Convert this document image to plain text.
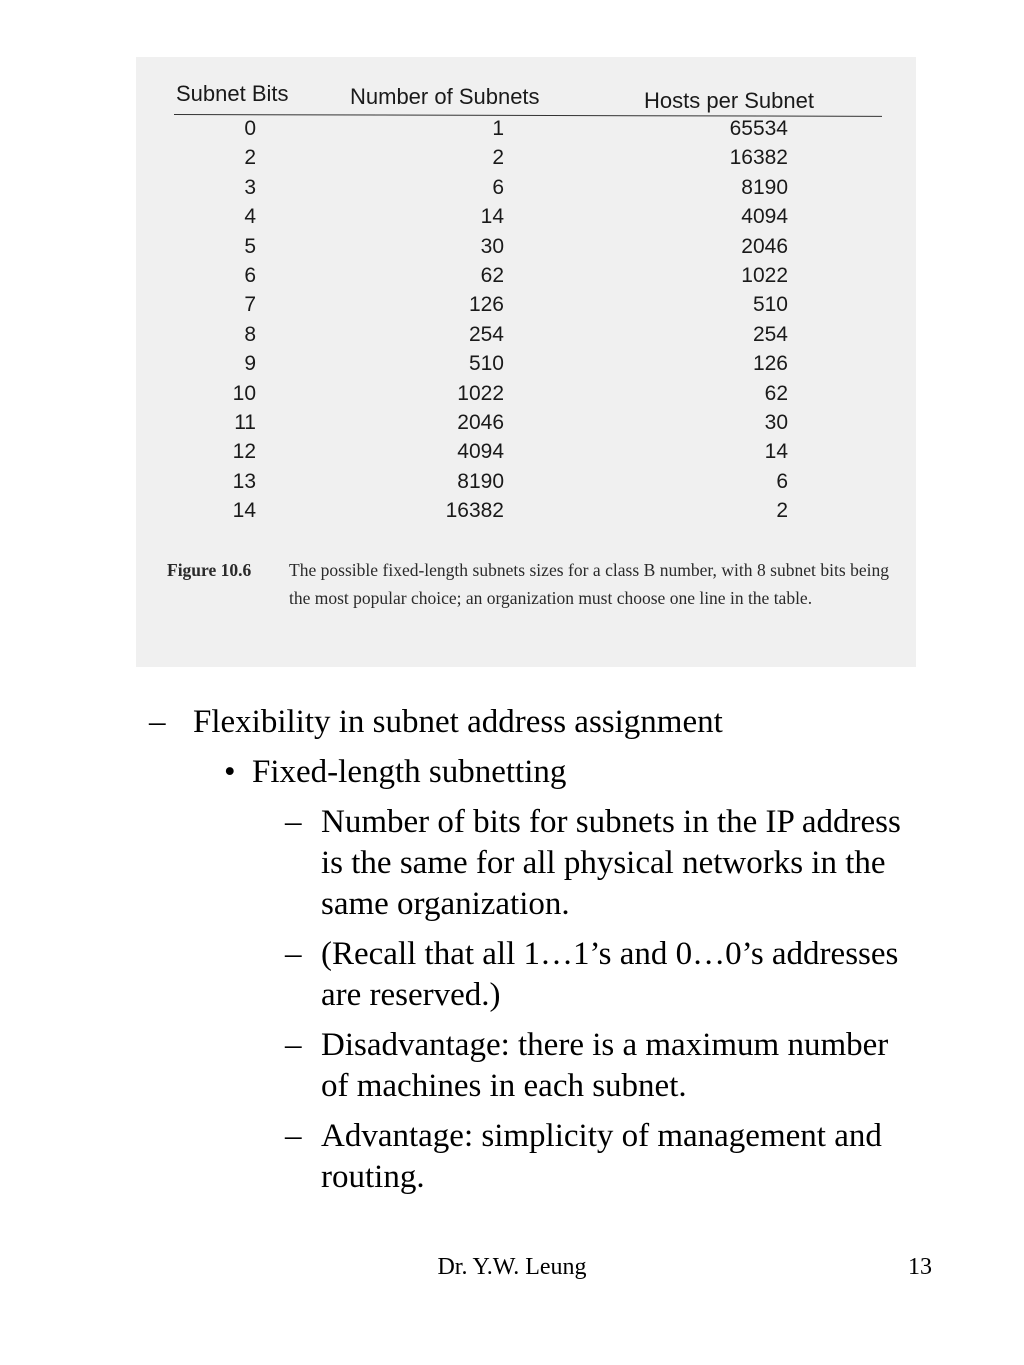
Subnet Bits	Number of Subnets	Hosts per Subnet
0	1	65534
2	2	16382
3	6	8190
4	14	4094
5	30	2046
6	62	1022
7	126	510
8	254	254
9	510	126
10	1022	62
11	2046	30
12	4094	14
13	8190	6
14	16382	2
Figure 10.6 The possible fixed-length subnets sizes for a class B number, with 8 subnet bits being the most popular choice; an organization must choose one line in the table.
– Flexibility in subnet address assignment
• Fixed-length subnetting
– Number of bits for subnets in the IP address is the same for all physical networks in the same organization.
– (Recall that all 1…1’s and 0…0’s addresses are reserved.)
– Disadvantage: there is a maximum number of machines in each subnet.
– Advantage: simplicity of management and routing.
Dr. Y.W. Leung	13
